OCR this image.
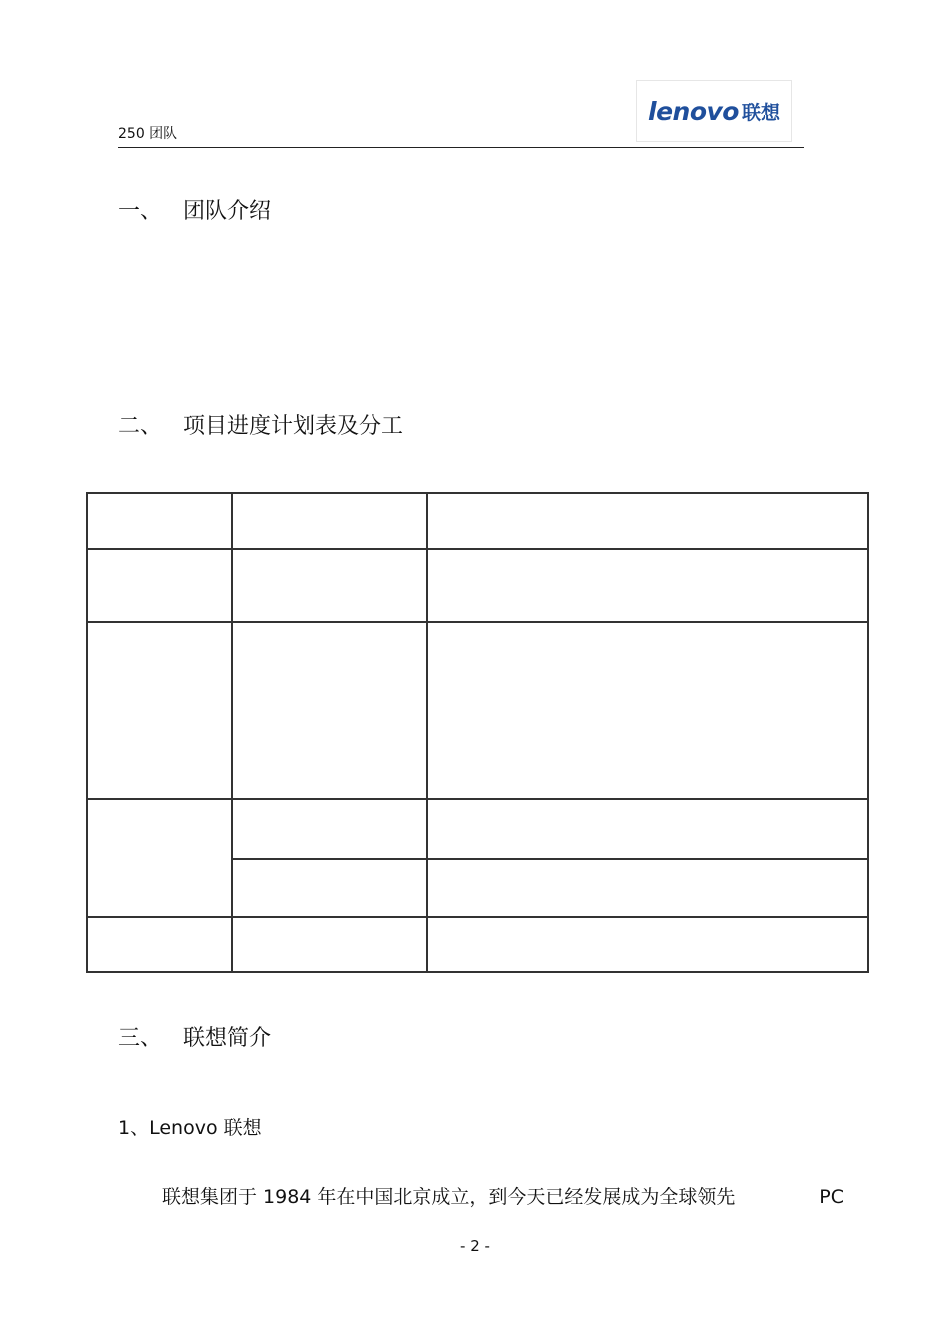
250 团队
lenovo 联想
一、 团队介绍
二、 项目进度计划表及分工

三、 联想简介
1、Lenovo 联想
联想集团于 1984 年在中国北京成立，到今天已经发展成为全球领先	PC
- 2 -
